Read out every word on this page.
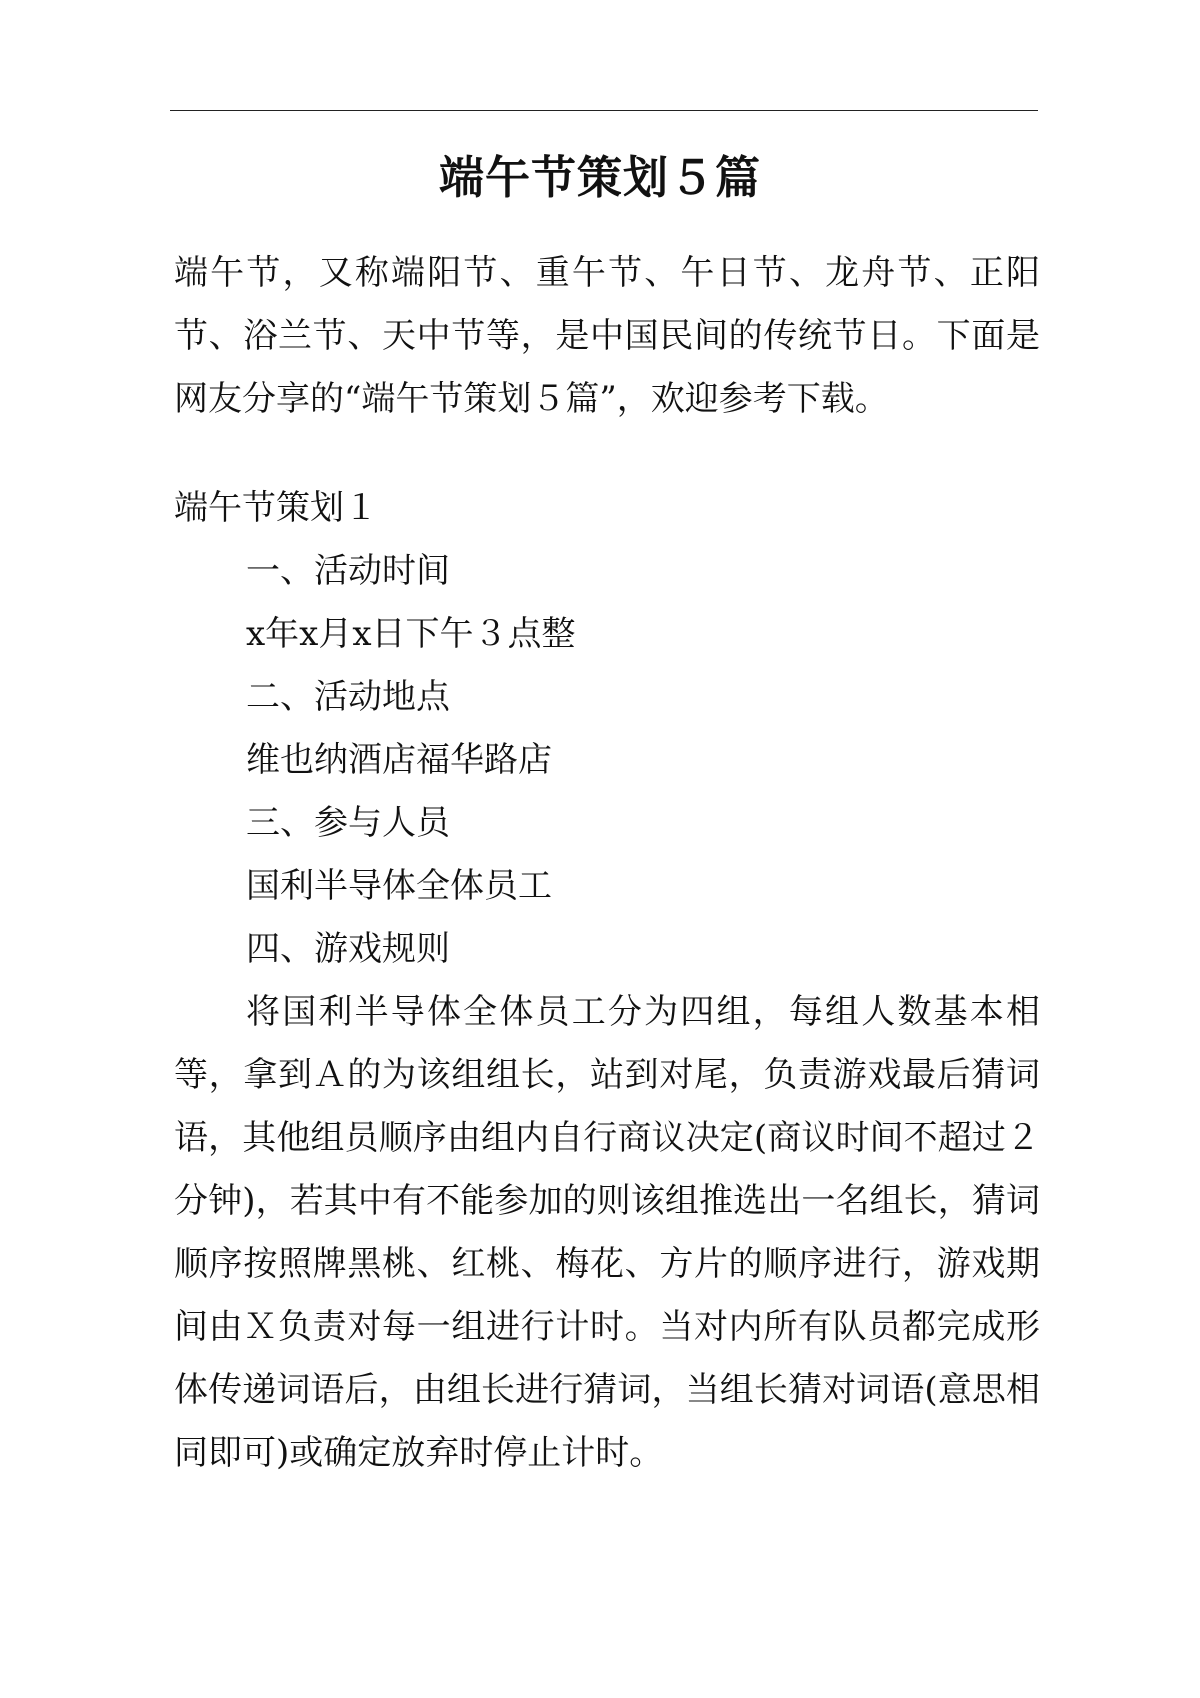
端午节策划５篇

端午节，又称端阳节、重午节、午日节、龙舟节、正阳节、浴兰节、天中节等，是中国民间的传统节日。下面是网友分享的“端午节策划５篇”，欢迎参考下载。

端午节策划１

一、活动时间

x年x月x日下午３点整

二、活动地点

维也纳酒店福华路店

三、参与人员

国利半导体全体员工

四、游戏规则

将国利半导体全体员工分为四组，每组人数基本相等，拿到Ａ的为该组组长，站到对尾，负责游戏最后猜词语，其他组员顺序由组内自行商议决定(商议时间不超过２分钟)，若其中有不能参加的则该组推选出一名组长，猜词顺序按照牌黑桃、红桃、梅花、方片的顺序进行，游戏期间由Ｘ负责对每一组进行计时。当对内所有队员都完成形体传递词语后，由组长进行猜词，当组长猜对词语(意思相同即可)或确定放弃时停止计时。
